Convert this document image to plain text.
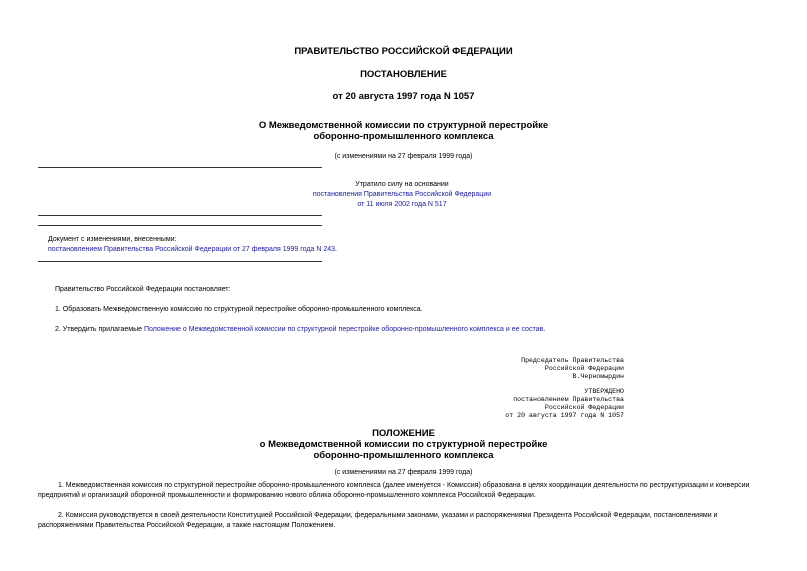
ПРАВИТЕЛЬСТВО РОССИЙСКОЙ ФЕДЕРАЦИИ
ПОСТАНОВЛЕНИЕ
от 20 августа 1997 года N 1057
О Межведомственной комиссии по структурной перестройке
оборонно-промышленного комплекса
(с изменениями на 27 февраля 1999 года)
Утратило силу на основании
постановления Правительства Российской Федерации
от 11 июля 2002 года N 517
Документ с изменениями, внесенными:
постановлением Правительства Российской Федерации от 27 февраля 1999 года N 243.
Правительство Российской Федерации постановляет:
1. Образовать Межведомственную комиссию по структурной перестройке оборонно-промышленного комплекса.
2. Утвердить прилагаемые Положение о Межведомственной комиссии по структурной перестройке оборонно-промышленного комплекса и ее состав.
Председатель Правительства
Российской Федерации
В.Черномырдин
УТВЕРЖДЕНО
постановлением Правительства
Российской Федерации
от 20 августа 1997 года N 1057
ПОЛОЖЕНИЕ
о Межведомственной комиссии по структурной перестройке
оборонно-промышленного комплекса
(с изменениями на 27 февраля 1999 года)
1. Межведомственная комиссия по структурной перестройке оборонно-промышленного комплекса (далее именуется - Комиссия) образована в целях координации деятельности по реструктуризации и конверсии
предприятий и организаций оборонной промышленности и формированию нового облика оборонно-промышленного комплекса Российской Федерации.
2. Комиссия руководствуется в своей деятельности Конституцией Российской Федерации, федеральными законами, указами и распоряжениями Президента Российской Федерации, постановлениями и
распоряжениями Правительства Российской Федерации, а также настоящим Положением.
